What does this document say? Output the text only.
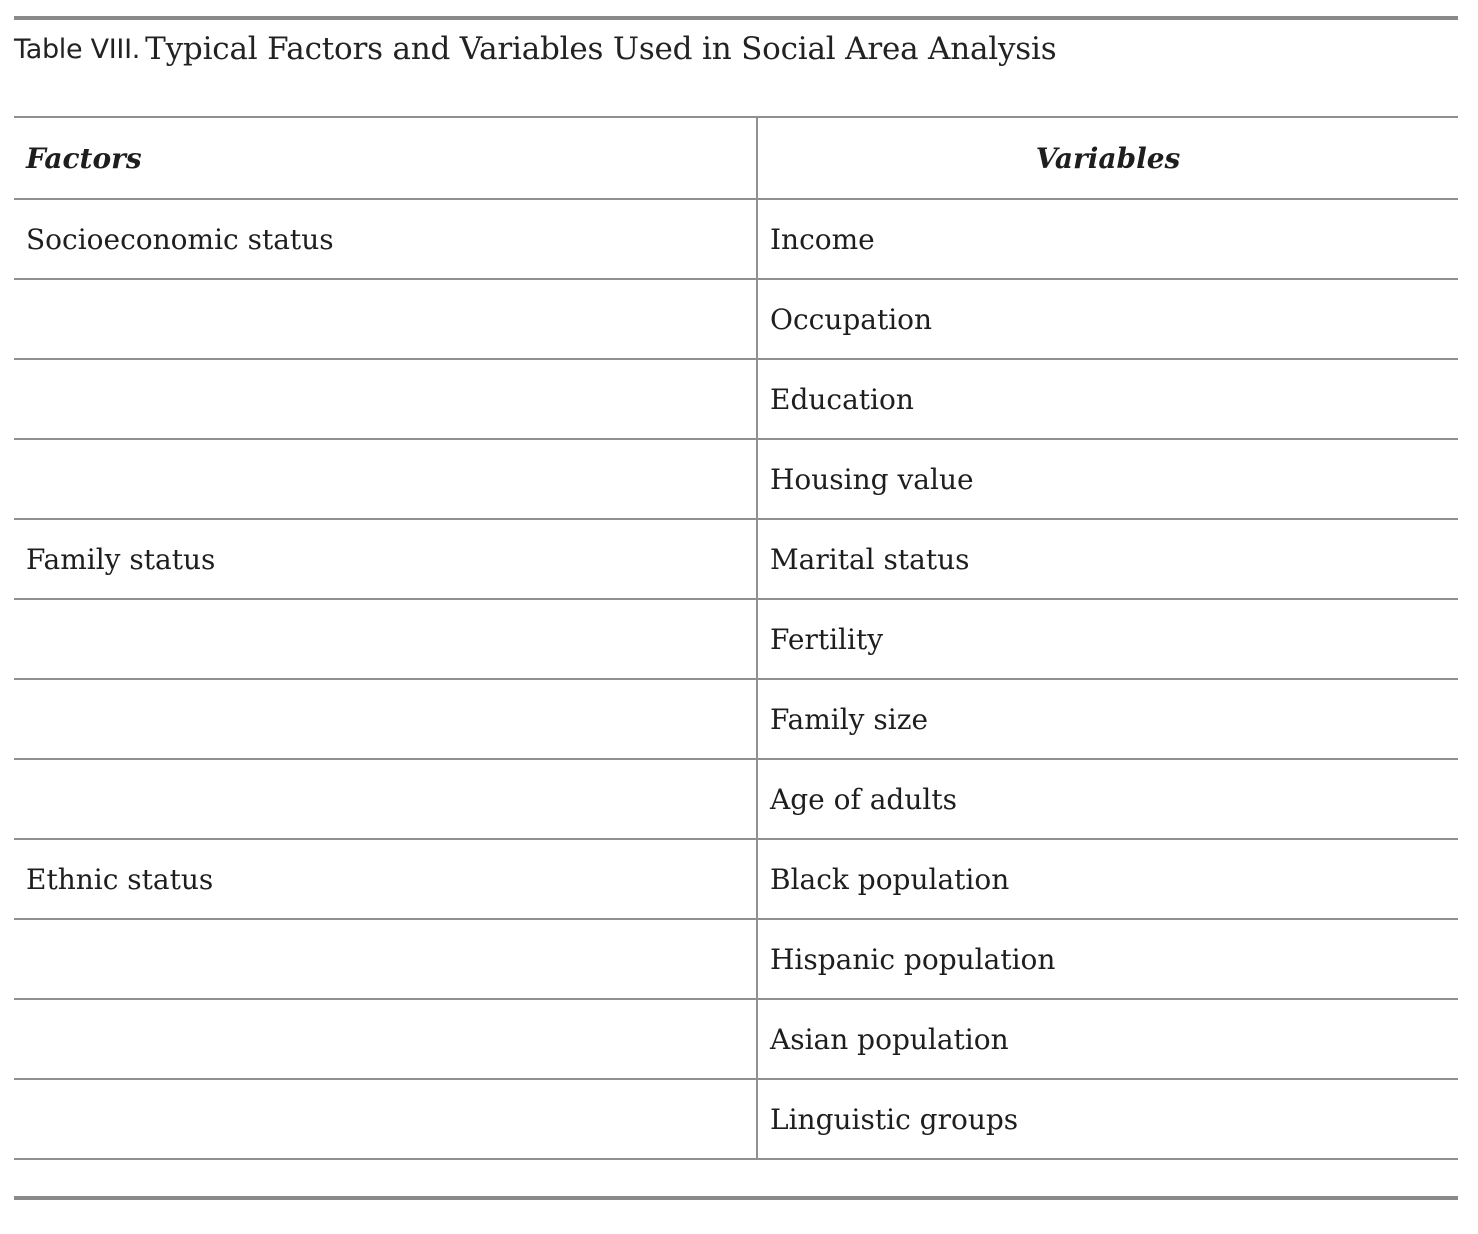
Table VIII.
Typical Factors and Variables Used in Social Area Analysis
Factors	Variables
Socioeconomic status	Income
	Occupation
	Education
	Housing value
Family status	Marital status
	Fertility
	Family size
	Age of adults
Ethnic status	Black population
	Hispanic population
	Asian population
	Linguistic groups
